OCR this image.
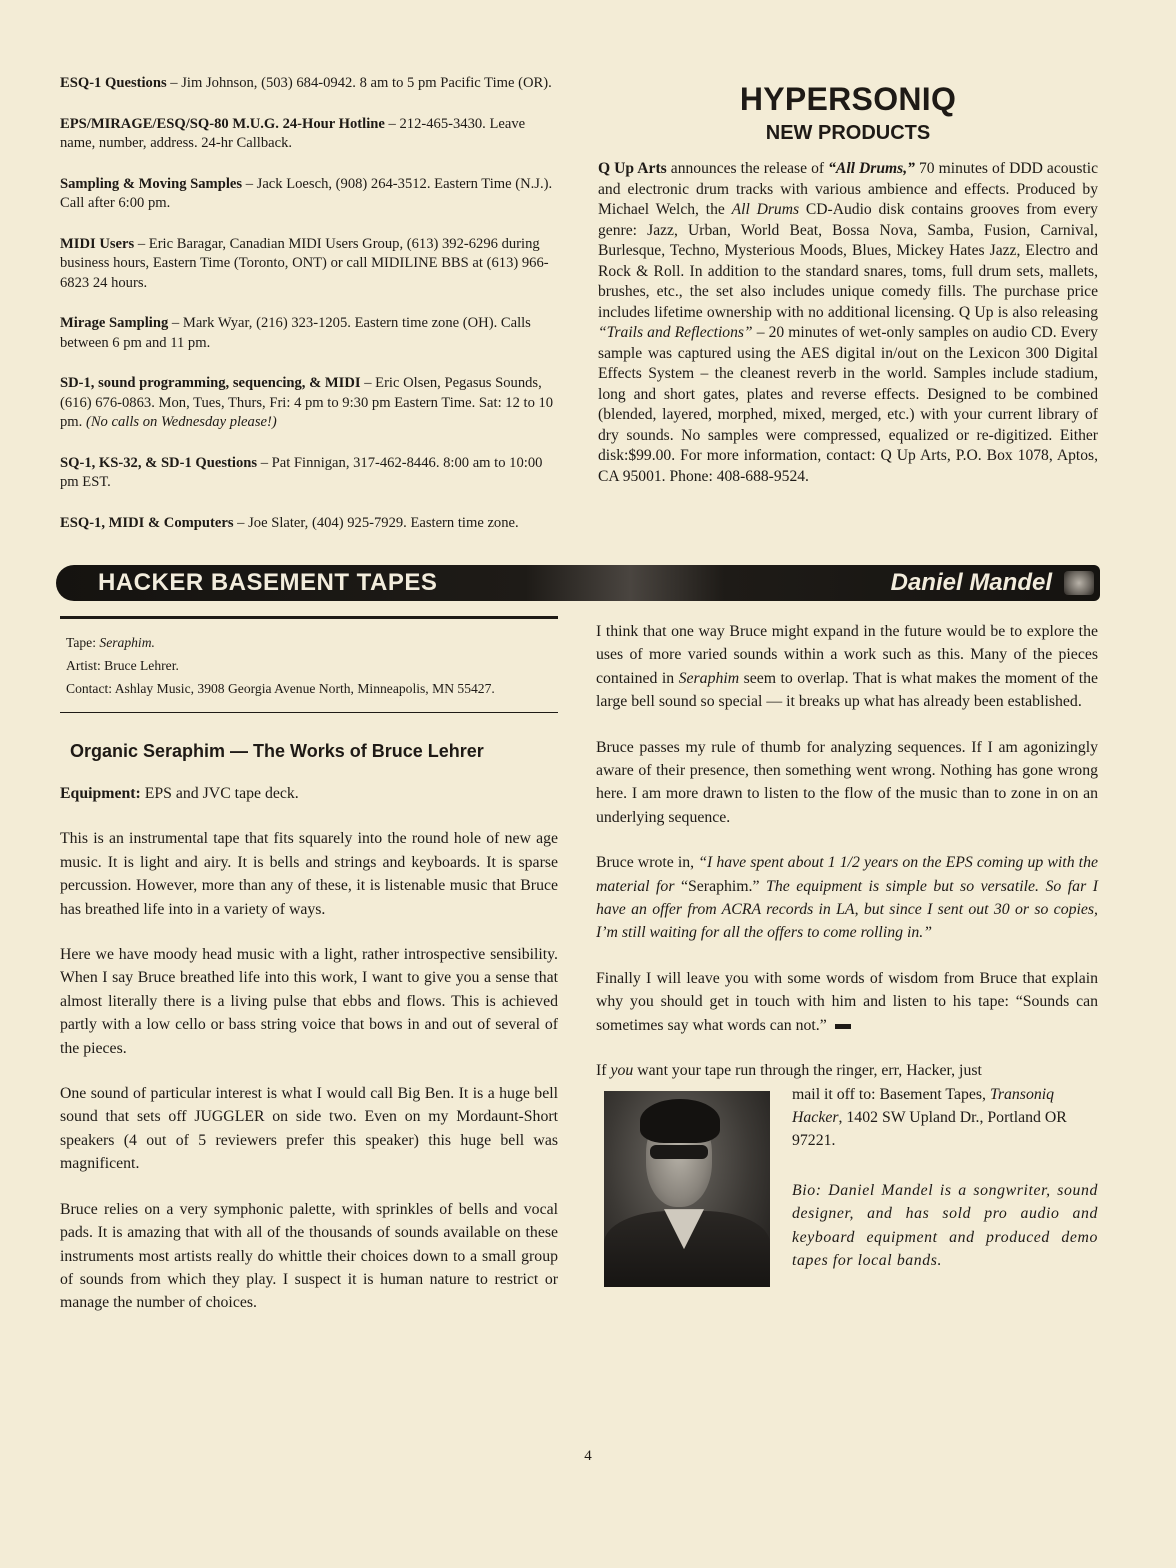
ESQ-1 Questions – Jim Johnson, (503) 684-0942. 8 am to 5 pm Pacific Time (OR).

EPS/MIRAGE/ESQ/SQ-80 M.U.G. 24-Hour Hotline – 212-465-3430. Leave name, number, address. 24-hr Callback.

Sampling & Moving Samples – Jack Loesch, (908) 264-3512. Eastern Time (N.J.). Call after 6:00 pm.

MIDI Users – Eric Baragar, Canadian MIDI Users Group, (613) 392-6296 during business hours, Eastern Time (Toronto, ONT) or call MIDILINE BBS at (613) 966-6823 24 hours.

Mirage Sampling – Mark Wyar, (216) 323-1205. Eastern time zone (OH). Calls between 6 pm and 11 pm.

SD-1, sound programming, sequencing, & MIDI – Eric Olsen, Pegasus Sounds, (616) 676-0863. Mon, Tues, Thurs, Fri: 4 pm to 9:30 pm Eastern Time. Sat: 12 to 10 pm. (No calls on Wednesday please!)

SQ-1, KS-32, & SD-1 Questions – Pat Finnigan, 317-462-8446. 8:00 am to 10:00 pm EST.

ESQ-1, MIDI & Computers – Joe Slater, (404) 925-7929. Eastern time zone.

HYPERSONIQ
NEW PRODUCTS

Q Up Arts announces the release of “All Drums,” 70 minutes of DDD acoustic and electronic drum tracks with various ambience and effects. Produced by Michael Welch, the All Drums CD-Audio disk contains grooves from every genre: Jazz, Urban, World Beat, Bossa Nova, Samba, Fusion, Carnival, Burlesque, Techno, Mysterious Moods, Blues, Mickey Hates Jazz, Electro and Rock & Roll. In addition to the standard snares, toms, full drum sets, mallets, brushes, etc., the set also includes unique comedy fills. The purchase price includes lifetime ownership with no additional licensing. Q Up is also releasing “Trails and Reflections” – 20 minutes of wet-only samples on audio CD. Every sample was captured using the AES digital in/out on the Lexicon 300 Digital Effects System – the cleanest reverb in the world. Samples include stadium, long and short gates, plates and reverse effects. Designed to be combined (blended, layered, morphed, mixed, merged, etc.) with your current library of dry sounds. No samples were compressed, equalized or re-digitized. Either disk:$99.00. For more information, contact: Q Up Arts, P.O. Box 1078, Aptos, CA 95001. Phone: 408-688-9524.

HACKER BASEMENT TAPES	Daniel Mandel
Tape: Seraphim.
Artist: Bruce Lehrer.
Contact: Ashlay Music, 3908 Georgia Avenue North, Minneapolis, MN 55427.
Organic Seraphim — The Works of Bruce Lehrer

Equipment: EPS and JVC tape deck.

This is an instrumental tape that fits squarely into the round hole of new age music. It is light and airy. It is bells and strings and keyboards. It is sparse percussion. However, more than any of these, it is listenable music that Bruce has breathed life into in a variety of ways.

Here we have moody head music with a light, rather introspective sensibility. When I say Bruce breathed life into this work, I want to give you a sense that almost literally there is a living pulse that ebbs and flows. This is achieved partly with a low cello or bass string voice that bows in and out of several of the pieces.

One sound of particular interest is what I would call Big Ben. It is a huge bell sound that sets off JUGGLER on side two. Even on my Mordaunt-Short speakers (4 out of 5 reviewers prefer this speaker) this huge bell was magnificent.

Bruce relies on a very symphonic palette, with sprinkles of bells and vocal pads. It is amazing that with all of the thousands of sounds available on these instruments most artists really do whittle their choices down to a small group of sounds from which they play. I suspect it is human nature to restrict or manage the number of choices.

I think that one way Bruce might expand in the future would be to explore the uses of more varied sounds within a work such as this. Many of the pieces contained in Seraphim seem to overlap. That is what makes the moment of the large bell sound so special — it breaks up what has already been established.

Bruce passes my rule of thumb for analyzing sequences. If I am agonizingly aware of their presence, then something went wrong. Nothing has gone wrong here. I am more drawn to listen to the flow of the music than to zone in on an underlying sequence.

Bruce wrote in, “I have spent about 1 1/2 years on the EPS coming up with the material for “Seraphim.” The equipment is simple but so versatile. So far I have an offer from ACRA records in LA, but since I sent out 30 or so copies, I’m still waiting for all the offers to come rolling in.”

Finally I will leave you with some words of wisdom from Bruce that explain why you should get in touch with him and listen to his tape: “Sounds can sometimes say what words can not.”

If you want your tape run through the ringer, err, Hacker, just

mail it off to: Basement Tapes, Transoniq Hacker, 1402 SW Upland Dr., Portland OR 97221.

Bio: Daniel Mandel is a songwriter, sound designer, and has sold pro audio and keyboard equipment and produced demo tapes for local bands.

4
